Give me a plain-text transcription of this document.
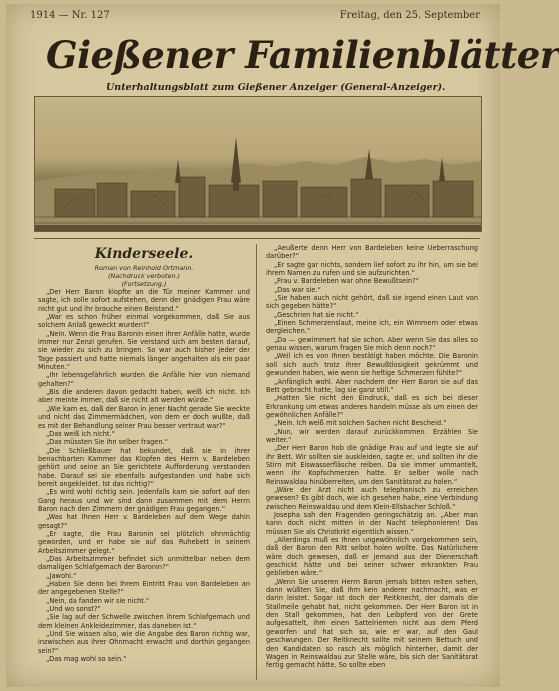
1914 — Nr. 127	Freitag, den 25. September
Gießener Familienblätter
Unterhaltungsblatt zum Gießener Anzeiger (General-Anzeiger).
Kinderseele.
Roman von Reinhold Ortmann.
(Nachdruck verboten.)
(Fortsetzung.)

„Der Herr Baron klopfte an die Tür meiner Kammer und sagte, ich solle sofort aufstehen, denn der gnädigen Frau wäre nicht gut und ihr brauche einen Beistand.“

„War es schon früher einmal vorgekommen, daß Sie aus solchem Anlaß geweckt wurden?“

„Nein. Wenn die Frau Baronin einen ihrer Anfälle hatte, wurde immer nur Zenzi gerufen. Sie verstand sich am besten darauf, sie wieder zu sich zu bringen. So war auch bisher jeder der Tage passiert und hatte niemals länger angehalten als ein paar Minuten.“

„Ihr lebensgefährlich wurden die Anfälle hier von niemand gehalten?“

„Bis die anderen davon gedacht haben, weiß ich nicht. Ich aber meinte immer, daß sie nicht alt werden würde.“

„Wie kam es, daß der Baron in jener Nacht gerade Sie weckte und nicht das Zimmermädchen, von dem er doch wußte, daß es mit der Behandlung seiner Frau besser vertraut war?“

„Das weiß ich nicht.“

„Das müssten Sie ihn selber fragen.“

„Die Schließbauer hat bekundet, daß sie in ihrer benachbarten Kammer das Klopfen des Herrn v. Bardeleben gehört und seine an Sie gerichtete Aufforderung verstanden habe. Darauf sei sie ebenfalls aufgestanden und habe sich bereit angekleidet. Ist das richtig?“

„Es wird wohl richtig sein. Jedenfalls kam sie sofort auf den Gang heraus und wir sind dann zusammen mit dem Herrn Baron nach den Zimmern der gnädigen Frau gegangen.“

„Was hat Ihnen Herr v. Bardeleben auf dem Wege dahin gesagt?“

„Er sagte, die Frau Baronin sei plötzlich ohnmächtig geworden, und er habe sie auf das Ruhebett in seinem Arbeitszimmer gelegt.“

„Das Arbeitszimmer befindet sich unmittelbar neben dem damaligen Schlafgemach der Baronin?“

„Jawohl.“

„Haben Sie denn bei Ihrem Eintritt Frau von Bardeleben an der angegebenen Stelle?“

„Nein, da fanden wir sie nicht.“

„Und wo sonst?“

„Sie lag auf der Schwelle zwischen ihrem Schlafgemach und dem kleinen Ankleidezimmer, das daneben ist.“

„Und Sie wissen also, wie die Angabe des Baron richtig war, inzwischen aus ihrer Ohnmacht erwacht und dorthin gegangen sein?“

„Das mag wohl so sein.“

„Aeußerte denn Herr von Bardeleben keine Ueberraschung darüber?“

„Er sagte gar nichts, sondern lief sofort zu ihr hin, um sie bei ihrem Namen zu rufen und sie aufzurichten.“

„Frau v. Bardeleben war ohne Bewußtsein?“

„Das war sie.“

„Sie haben auch nicht gehört, daß sie irgend einen Laut von sich gegeben hätte?“

„Geschrien hat sie nicht.“

„Einen Schmerzenslaut, meine ich, ein Wimmern oder etwas dergleichen.“

„Da — gewimmert hat sie schon. Aber wenn Sie das alles so genau wissen, warum fragen Sie mich denn noch?“

„Weil ich es von Ihnen bestätigt haben möchte. Die Baronin soll sich auch trotz ihrer Bewußtlosigkeit gekrümmt und gewunden haben, wie wenn sie heftige Schmerzen fühlte?“

„Anfänglich wohl. Aber nachdem der Herr Baron sie auf das Bett gebracht hatte, lag sie ganz still.“

„Hatten Sie nicht den Eindruck, daß es sich bei dieser Erkrankung um etwas anderes handeln müsse als um einen der gewöhnlichen Anfälle?“

„Nein. Ich weiß mit solchen Sachen nicht Bescheid.“

„Nun, wir werden darauf zurückkommen. Erzählen Sie weiter.“

„Der Herr Baron hob die gnädige Frau auf und legte sie auf ihr Bett. Wir sollten sie auskleiden, sagte er, und sollten ihr die Stirn mit Eiswasserfläsche reiben. Da sie immer ummantelt, wenn ihr Kopfschmerzen hatte. Er selber wolle nach Reinswaldau hinüberreiten, um den Sanitätsrat zu holen.“

„Wäre der Arzt nicht auch telephonisch zu erreichen gewesen? Es gibt doch, wie ich gesehen habe, eine Verbindung zwischen Reinswaldau und dem Klein-Ellsbacher Schloß.“

Josepha sah den Fragenden geringschätzig an. „Aber man kann doch nicht mitten in der Nacht telephonieren! Das müssen Sie als Christkrkt eigentlich wissen.“

„Allerdings muß es Ihnen ungewöhnlich vorgekommen sein, daß der Baron den Ritt selbst holen wollte. Das Natürlichere wäre doch gewesen, daß er jemand aus der Dienerschaft geschickt hätte und bei seiner schwer erkrankten Frau geblieben wäre.“

„Wenn Sie unseren Herrn Baron jemals bitten reiten sehen, dann wüßten Sie, daß ihm kein anderer nachmacht, was er darin leistet. Sogar ist doch der Reitknecht, der damals die Stallmeile gehabt hat, nicht gekommen. Der Herr Baron ist in den Stall gekommen, hat den Leibpferd von der Grete aufgesattelt, ihm einen Sattelriemen nicht aus dem Pferd geworfen und hat sich so, wie er war, auf den Gaul geschwungen. Der Reitknecht sollte mit seinem Bettuch und den Kandidaten so rasch als möglich hinterher, damit der Wagen in Reinswaldau zur Stelle wäre, bis sich der Sanitätsrat fertig gemacht hätte. So sollte eben
